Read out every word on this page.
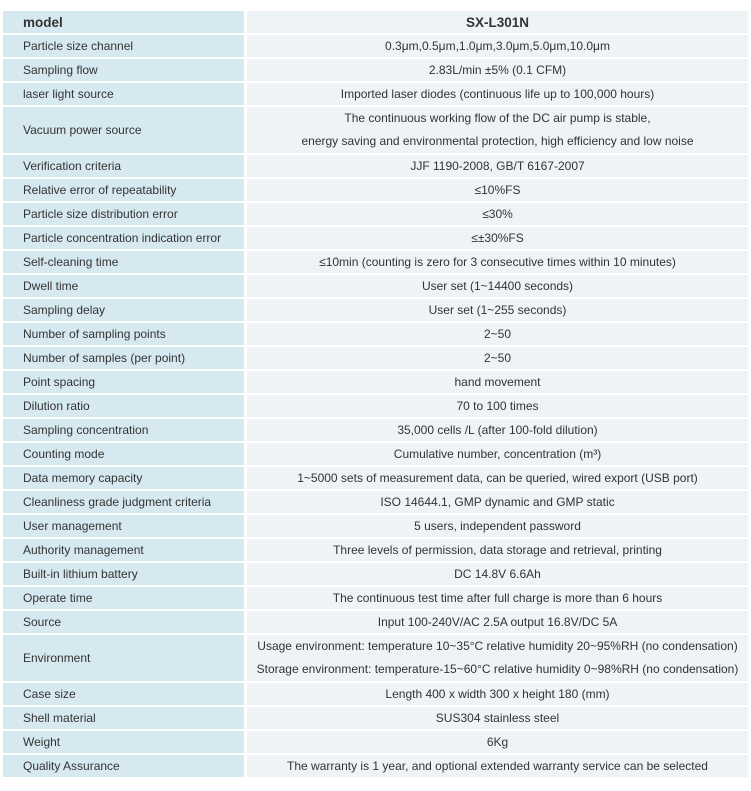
model	SX-L301N
Particle size channel	0.3μm,0.5μm,1.0μm,3.0μm,5.0μm,10.0μm
Sampling flow	2.83L/min ±5% (0.1 CFM)
laser light source	Imported laser diodes (continuous life up to 100,000 hours)
Vacuum power source	The continuous working flow of the DC air pump is stable,
energy saving and environmental protection, high efficiency and low noise

Verification criteria	JJF 1190-2008, GB/T 6167-2007
Relative error of repeatability	≤10%FS
Particle size distribution error	≤30%
Particle concentration indication error	≤±30%FS
Self-cleaning time	≤10min (counting is zero for 3 consecutive times within 10 minutes)
Dwell time	User set (1~14400 seconds)
Sampling delay	User set (1~255 seconds)
Number of sampling points	2~50
Number of samples (per point)	2~50
Point spacing	hand movement
Dilution ratio	70 to 100 times
Sampling concentration	35,000 cells /L (after 100-fold dilution)
Counting mode	Cumulative number, concentration (m³)
Data memory capacity	1~5000 sets of measurement data, can be queried, wired export (USB port)
Cleanliness grade judgment criteria	ISO 14644.1, GMP dynamic and GMP static
User management	5 users, independent password
Authority management	Three levels of permission, data storage and retrieval, printing
Built-in lithium battery	DC 14.8V 6.6Ah
Operate time	The continuous test time after full charge is more than 6 hours
Source	Input 100-240V/AC 2.5A output 16.8V/DC 5A
Environment	Usage environment: temperature 10~35°C relative humidity 20~95%RH (no condensation)
Storage environment: temperature-15~60°C relative humidity 0~98%RH (no condensation)

Case size	Length 400 x width 300 x height 180 (mm)
Shell material	SUS304 stainless steel
Weight	6Kg
Quality Assurance	The warranty is 1 year, and optional extended warranty service can be selected
